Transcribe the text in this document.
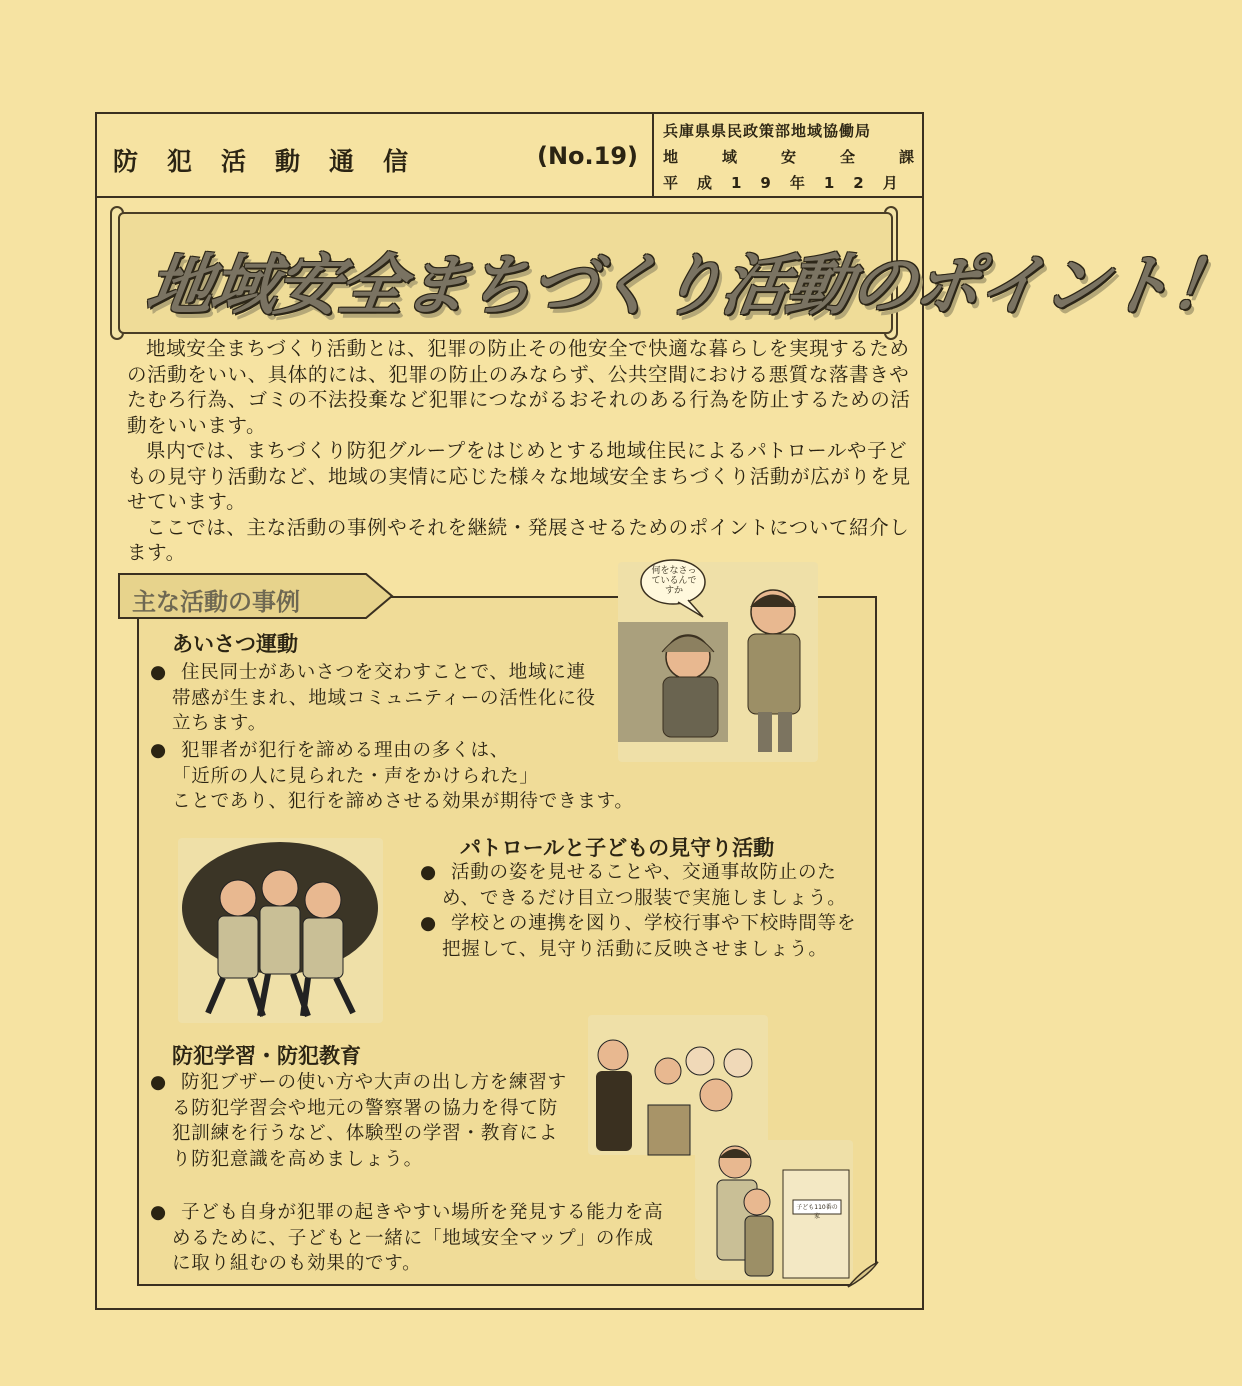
防犯活動通信	(No.19)
兵庫県県民政策部地域協働局
地域安全課
平成19年12月
地域安全まちづくり活動のポイント！

地域安全まちづくり活動とは、犯罪の防止その他安全で快適な暮らしを実現するための活動をいい、具体的には、犯罪の防止のみならず、公共空間における悪質な落書きやたむろ行為、ゴミの不法投棄など犯罪につながるおそれのある行為を防止するための活動をいいます。

県内では、まちづくり防犯グループをはじめとする地域住民によるパトロールや子どもの見守り活動など、地域の実情に応じた様々な地域安全まちづくり活動が広がりを見せています。

ここでは、主な活動の事例やそれを継続・発展させるためのポイントについて紹介します。

主な活動の事例
あいさつ運動

● 住民同士があいさつを交わすことで、地域に連帯感が生まれ、地域コミュニティーの活性化に役立ちます。

● 犯罪者が犯行を諦める理由の多くは、

「近所の人に見られた・声をかけられた」

ことであり、犯行を諦めさせる効果が期待できます。

何をなさっているんですか
パトロールと子どもの見守り活動

● 活動の姿を見せることや、交通事故防止のため、できるだけ目立つ服装で実施しましょう。

● 学校との連携を図り、学校行事や下校時間等を把握して、見守り活動に反映させましょう。

防犯学習・防犯教育

● 防犯ブザーの使い方や大声の出し方を練習する防犯学習会や地元の警察署の協力を得て防犯訓練を行うなど、体験型の学習・教育により防犯意識を高めましょう。

● 子ども自身が犯罪の起きやすい場所を発見する能力を高めるために、子どもと一緒に「地域安全マップ」の作成に取り組むのも効果的です。

子ども110番の家
